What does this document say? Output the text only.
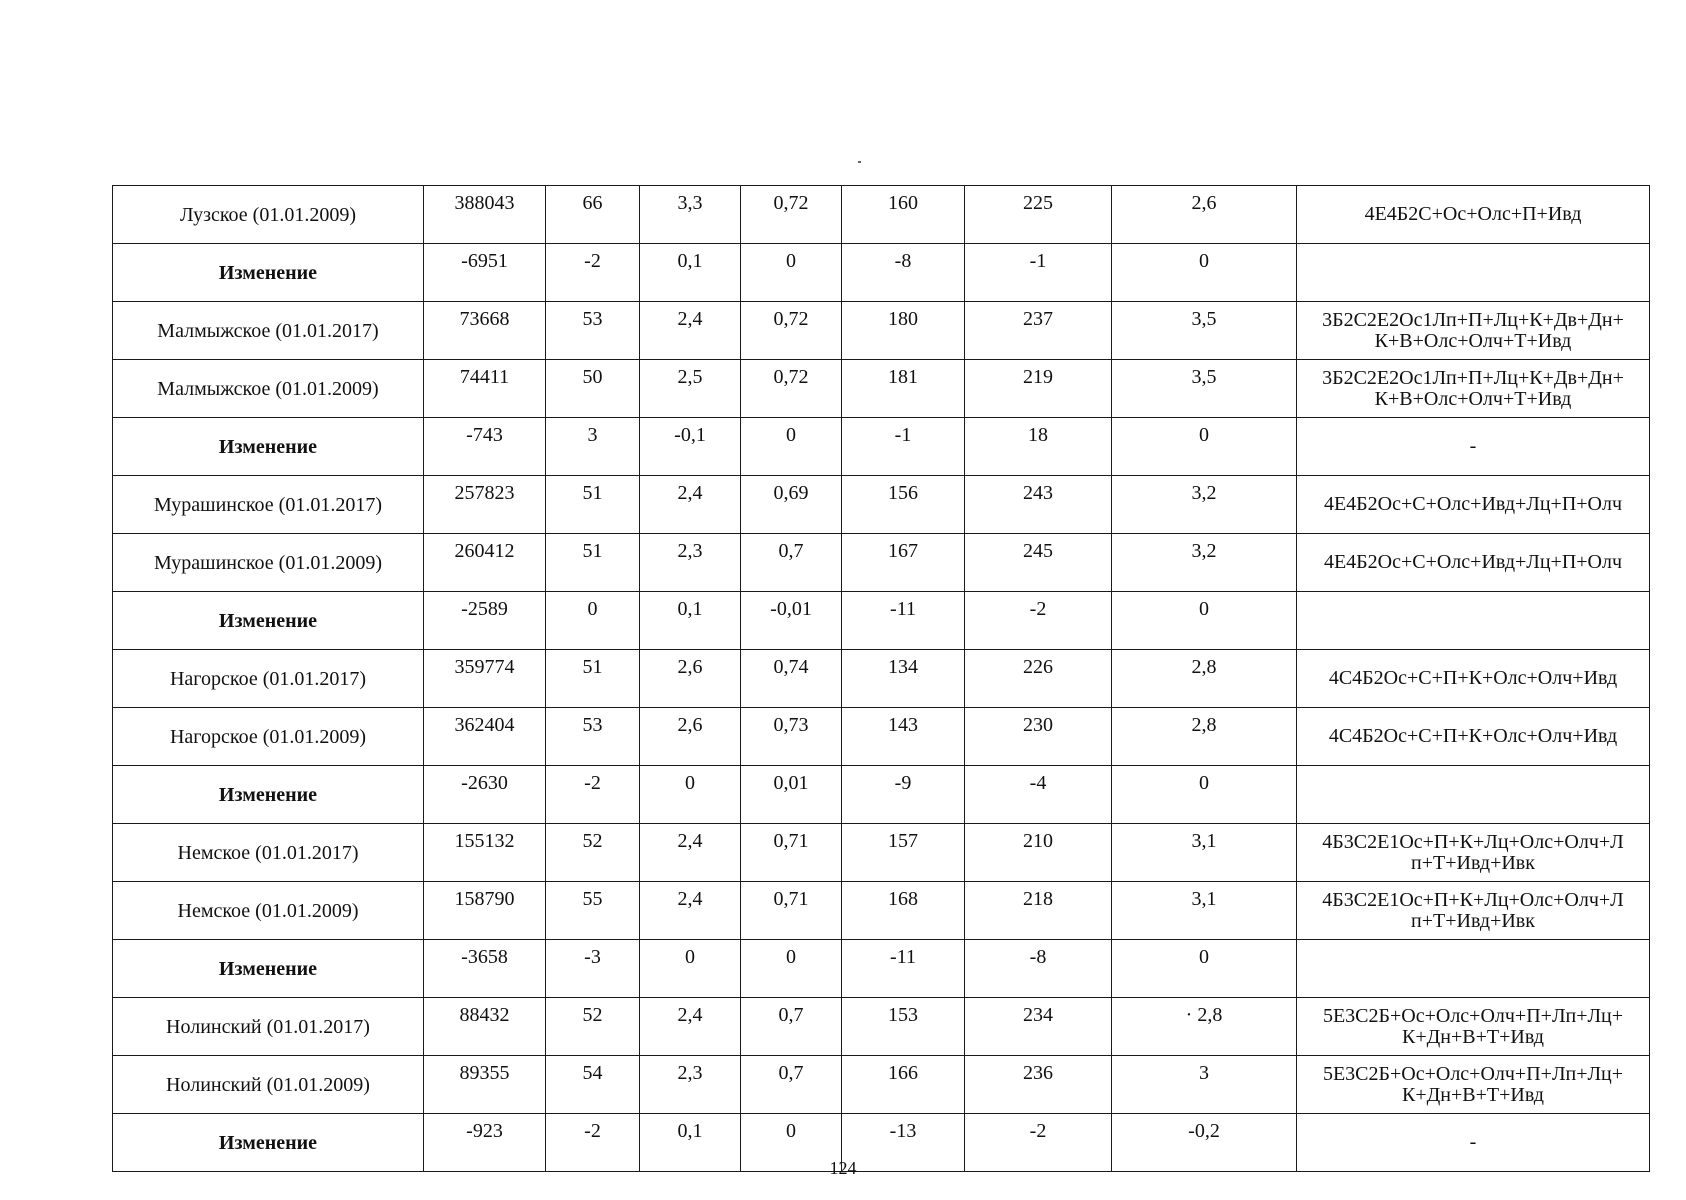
Лузское (01.01.2009)	388043	66	3,3	0,72	160	225	2,6	4Е4Б2С+Ос+Олс+П+Ивд
Изменение	-6951	-2	0,1	0	-8	-1	0	
Малмыжское (01.01.2017)	73668	53	2,4	0,72	180	237	3,5	3Б2С2Е2Ос1Лп+П+Лц+К+Дв+Дн+
К+В+Олс+Олч+Т+Ивд
Малмыжское (01.01.2009)	74411	50	2,5	0,72	181	219	3,5	3Б2С2Е2Ос1Лп+П+Лц+К+Дв+Дн+
К+В+Олс+Олч+Т+Ивд
Изменение	-743	3	-0,1	0	-1	18	0	-
Мурашинское (01.01.2017)	257823	51	2,4	0,69	156	243	3,2	4Е4Б2Ос+С+Олс+Ивд+Лц+П+Олч
Мурашинское (01.01.2009)	260412	51	2,3	0,7	167	245	3,2	4Е4Б2Ос+С+Олс+Ивд+Лц+П+Олч
Изменение	-2589	0	0,1	-0,01	-11	-2	0	
Нагорское (01.01.2017)	359774	51	2,6	0,74	134	226	2,8	4С4Б2Ос+С+П+К+Олс+Олч+Ивд
Нагорское (01.01.2009)	362404	53	2,6	0,73	143	230	2,8	4С4Б2Ос+С+П+К+Олс+Олч+Ивд
Изменение	-2630	-2	0	0,01	-9	-4	0	
Немское (01.01.2017)	155132	52	2,4	0,71	157	210	3,1	4Б3С2Е1Ос+П+К+Лц+Олс+Олч+Л
п+Т+Ивд+Ивк
Немское (01.01.2009)	158790	55	2,4	0,71	168	218	3,1	4Б3С2Е1Ос+П+К+Лц+Олс+Олч+Л
п+Т+Ивд+Ивк
Изменение	-3658	-3	0	0	-11	-8	0	
Нолинский (01.01.2017)	88432	52	2,4	0,7	153	234	· 2,8	5Е3С2Б+Ос+Олс+Олч+П+Лп+Лц+
К+Дн+В+Т+Ивд
Нолинский (01.01.2009)	89355	54	2,3	0,7	166	236	3	5Е3С2Б+Ос+Олс+Олч+П+Лп+Лц+
К+Дн+В+Т+Ивд
Изменение	-923	-2	0,1	0	-13	-2	-0,2	-
124
